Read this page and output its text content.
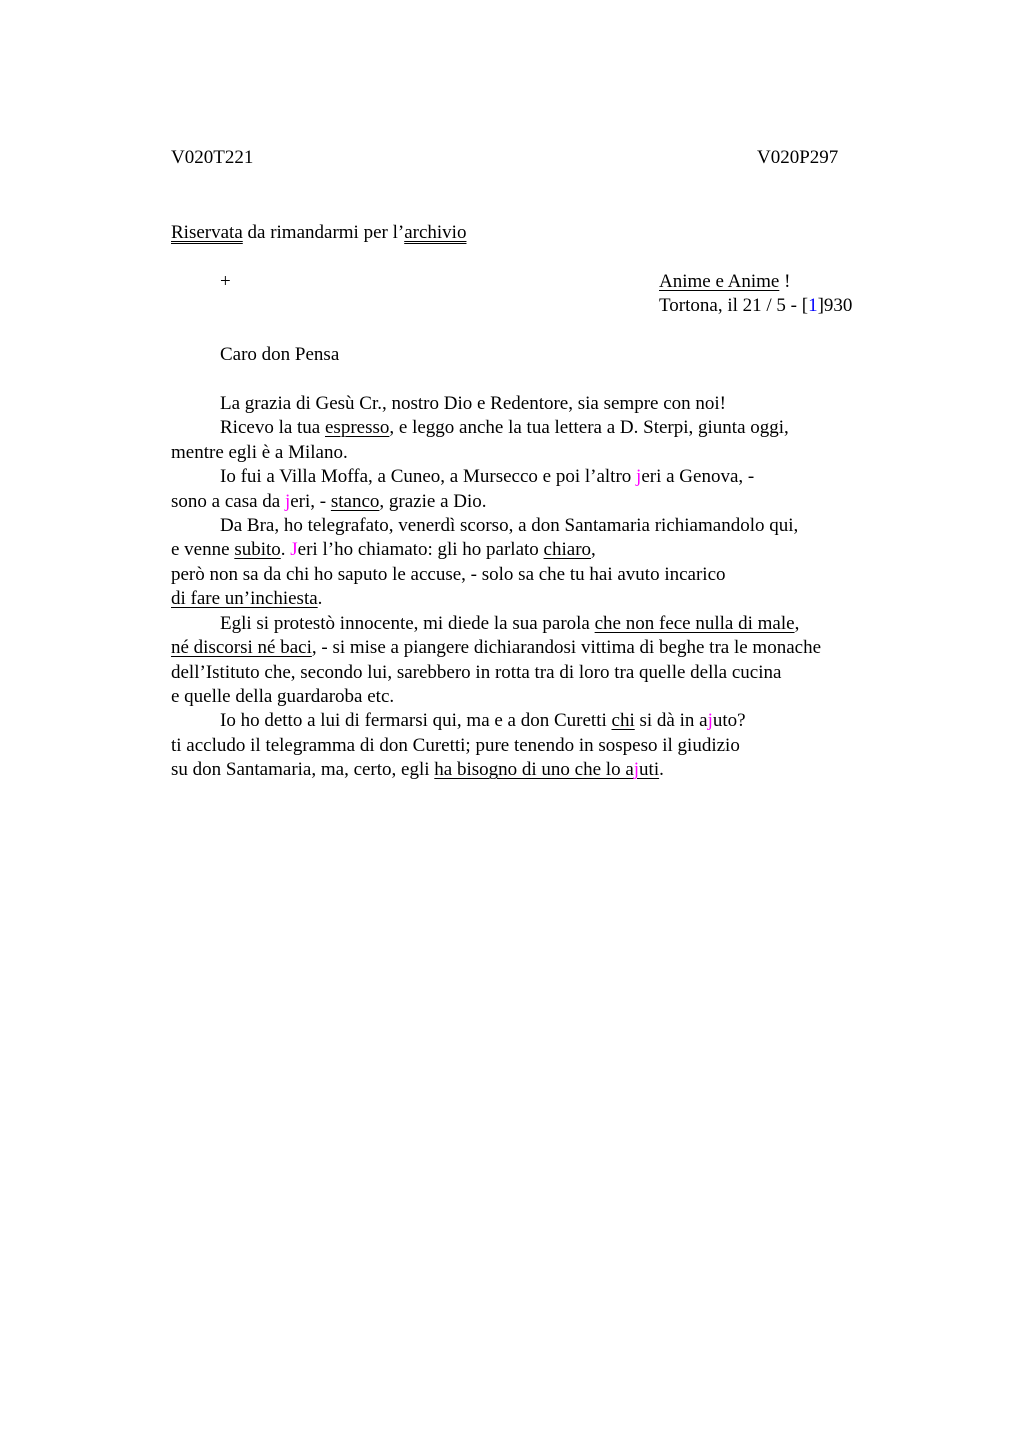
V020T221	V020P297
Riservata da rimandarmi per l’archivio
+	Anime e Anime !
Tortona, il 21 / 5 - [1]930
Caro don Pensa
La grazia di Gesù Cr., nostro Dio e Redentore, sia sempre con noi!
Ricevo la tua espresso, e leggo anche la tua lettera a D. Sterpi, giunta oggi,
mentre egli è a Milano.
Io fui a Villa Moffa, a Cuneo, a Mursecco e poi l’altro jeri a Genova, -
sono a casa da jeri, - stanco, grazie a Dio.
Da Bra, ho telegrafato, venerdì scorso, a don Santamaria richiamandolo qui,
e venne subito. Jeri l’ho chiamato: gli ho parlato chiaro,
però non sa da chi ho saputo le accuse, - solo sa che tu hai avuto incarico
di fare un’inchiesta.
Egli si protestò innocente, mi diede la sua parola che non fece nulla di male,
né discorsi né baci, - si mise a piangere dichiarandosi vittima di beghe tra le monache
dell’Istituto che, secondo lui, sarebbero in rotta tra di loro tra quelle della cucina
e quelle della guardaroba etc.
Io ho detto a lui di fermarsi qui, ma e a don Curetti chi si dà in ajuto?
ti accludo il telegramma di don Curetti; pure tenendo in sospeso il giudizio
su don Santamaria, ma, certo, egli ha bisogno di uno che lo ajuti.
